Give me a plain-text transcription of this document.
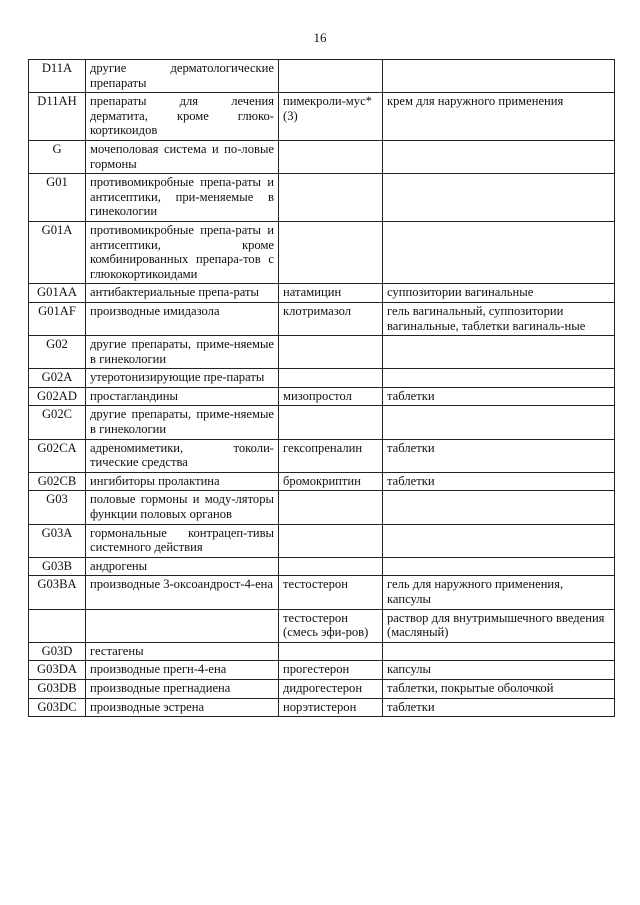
16
D11A	другие дерматологические препараты		
D11AH	препараты для лечения дерматита, кроме глюко-кортикоидов	пимекроли-мус*(3)	крем для наружного применения
G	мочеполовая система и по-ловые гормоны		
G01	противомикробные препа-раты и антисептики, при-меняемые в гинекологии		
G01A	противомикробные препа-раты и антисептики, кроме комбинированных препара-тов с глюкокортикоидами		
G01AA	антибактериальные препа-раты	натамицин	суппозитории вагинальные
G01AF	производные имидазола	клотримазол	гель вагинальный, суппозитории вагинальные, таблетки вагиналь-ные
G02	другие препараты, приме-няемые в гинекологии		
G02A	утеротонизирующие пре-параты		
G02AD	простагландины	мизопростол	таблетки
G02C	другие препараты, приме-няемые в гинекологии		
G02CA	адреномиметики, токоли-тические средства	гексопреналин	таблетки
G02CB	ингибиторы пролактина	бромокриптин	таблетки
G03	половые гормоны и моду-ляторы функции половых органов		
G03A	гормональные контрацеп-тивы системного действия		
G03B	андрогены		
G03BA	производные 3-оксоандрост-4-ена	тестостерон	гель для наружного применения, капсулы
		тестостерон (смесь эфи-ров)	раствор для внутримышечного введения (масляный)
G03D	гестагены		
G03DA	производные прегн-4-ена	прогестерон	капсулы
G03DB	производные прегнадиена	дидрогестерон	таблетки, покрытые оболочкой
G03DC	производные эстрена	норэтистерон	таблетки
